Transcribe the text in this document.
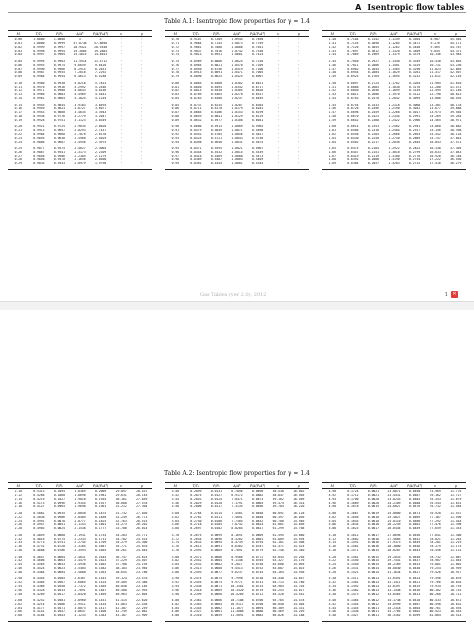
A Isentropic flow tables
Table A.1: Isentropic flow properties for γ = 1.4
M	T/T₀	P/P₀	A/A*	P/A(P₀A*)	ν	μ
0.00	1.0000	1.0000	∞	∞	·	·
0.01	1.0000	0.9999	57.8738	57.8698	·	·
0.02	0.9999	0.9997	28.9421	28.9340	·	·
0.03	0.9998	0.9994	19.3005	19.2884	·	·
0.04	0.9997	0.9989	14.4815	14.4653	·	·
0.05	0.9995	0.9983	11.5914	11.5712	·	·
0.06	0.9993	0.9975	9.6659	9.6416	·	·
0.07	0.9990	0.9966	8.2915	8.2631	·	·
0.08	0.9987	0.9955	7.2616	7.2292	·	·
0.09	0.9984	0.9944	6.4613	6.4248	·	·
0.10	0.9980	0.9930	5.8218	5.7813	·	·
0.11	0.9976	0.9916	5.2992	5.2546	·	·
0.12	0.9971	0.9900	4.8643	4.8156	·	·
0.13	0.9966	0.9883	4.4969	4.4441	·	·
0.14	0.9961	0.9864	4.1824	4.1255	·	·
0.15	0.9955	0.9844	3.9103	3.8494	·	·
0.16	0.9949	0.9823	3.6727	3.6077	·	·
0.17	0.9943	0.9800	3.4635	3.3943	·	·
0.18	0.9936	0.9776	3.2779	3.2047	·	·
0.19	0.9928	0.9751	3.1123	3.0349	·	·
0.20	0.9921	0.9725	2.9635	2.8820	·	·
0.21	0.9913	0.9697	2.8293	2.7437	·	·
0.22	0.9904	0.9668	2.7076	2.6178	·	·
0.23	0.9895	0.9638	2.5968	2.5029	·	·
0.24	0.9886	0.9607	2.4956	2.3975	·	·
0.25	0.9877	0.9575	2.4027	2.3005	·	·
0.26	0.9867	0.9541	2.3173	2.2109	·	·
0.27	0.9856	0.9506	2.2385	2.1279	·	·
0.28	0.9846	0.9470	2.1656	2.0508	·	·
0.29	0.9835	0.9433	2.0979	1.9790	·	·
M	T/T₀	P/P₀	A/A*	P/A(P₀A*)	ν	μ
0.70	0.9107	0.7209	1.0944	0.7890	·	·
0.71	0.9084	0.7145	1.0873	0.7769	·	·
0.72	0.9061	0.7080	1.0806	0.7651	·	·
0.73	0.9037	0.7016	1.0742	0.7536	·	·
0.74	0.9013	0.6951	1.0681	0.7424	·	·
0.75	0.8989	0.6886	1.0624	0.7316	·	·
0.76	0.8964	0.6821	1.0570	0.7209	·	·
0.77	0.8940	0.6756	1.0519	0.7106	·	·
0.78	0.8915	0.6691	1.0471	0.7005	·	·
0.79	0.8890	0.6625	1.0425	0.6907	·	·
0.80	0.8865	0.6560	1.0382	0.6811	·	·
0.81	0.8840	0.6495	1.0342	0.6717	·	·
0.82	0.8815	0.6430	1.0305	0.6626	·	·
0.83	0.8789	0.6365	1.0270	0.6537	·	·
0.84	0.8763	0.6300	1.0237	0.6449	·	·
0.85	0.8737	0.6235	1.0207	0.6364	·	·
0.86	0.8711	0.6170	1.0179	0.6281	·	·
0.87	0.8685	0.6106	1.0153	0.6199	·	·
0.88	0.8659	0.6041	1.0129	0.6119	·	·
0.89	0.8632	0.5977	1.0108	0.6041	·	·
0.90	0.8606	0.5913	1.0089	0.5965	·	·
0.91	0.8579	0.5849	1.0071	0.5890	·	·
0.92	0.8552	0.5785	1.0056	0.5817	·	·
0.93	0.8525	0.5721	1.0043	0.5746	·	·
0.94	0.8498	0.5658	1.0031	0.5675	·	·
0.95	0.8471	0.5595	1.0021	0.5607	·	·
0.96	0.8444	0.5532	1.0014	0.5539	·	·
0.97	0.8416	0.5469	1.0008	0.5473	·	·
0.98	0.8389	0.5407	1.0003	0.5409	·	·
0.99	0.8361	0.5345	1.0001	0.5345	·	·
M	T/T₀	P/P₀	A/A*	P/A(P₀A*)	ν	μ
1.40	0.7184	0.3142	1.1149	0.3504	8.987	45.585
1.41	0.7155	0.3098	1.1205	0.3472	9.276	45.171
1.42	0.7126	0.3055	1.1262	0.3440	9.565	44.767
1.43	0.7097	0.3012	1.1320	0.3409	9.855	44.371
1.44	0.7069	0.2969	1.1379	0.3379	10.146	43.983
1.45	0.7040	0.2927	1.1440	0.3349	10.438	43.603
1.46	0.7011	0.2886	1.1501	0.3319	10.731	43.230
1.47	0.6982	0.2845	1.1565	0.3290	11.023	42.865
1.48	0.6954	0.2804	1.1629	0.3261	11.317	42.507
1.49	0.6925	0.2764	1.1695	0.3232	11.611	42.155
1.50	0.6897	0.2724	1.1762	0.3204	11.905	41.810
1.51	0.6868	0.2685	1.1830	0.3176	12.200	41.472
1.52	0.6840	0.2646	1.1899	0.3149	12.495	41.140
1.53	0.6811	0.2608	1.1970	0.3122	12.790	40.813
1.54	0.6783	0.2570	1.2042	0.3095	13.086	40.493
1.55	0.6754	0.2533	1.2116	0.3068	13.381	40.178
1.56	0.6726	0.2496	1.2190	0.3042	13.677	39.868
1.57	0.6698	0.2459	1.2266	0.3017	13.973	39.564
1.58	0.6670	0.2423	1.2344	0.2991	14.269	39.265
1.59	0.6642	0.2388	1.2422	0.2966	14.565	38.971
1.60	0.6614	0.2353	1.2502	0.2941	14.860	38.682
1.61	0.6586	0.2318	1.2584	0.2917	15.156	38.398
1.62	0.6558	0.2284	1.2666	0.2893	15.452	38.118
1.63	0.6530	0.2250	1.2750	0.2869	15.747	37.843
1.64	0.6502	0.2217	1.2836	0.2845	16.043	37.572
1.65	0.6475	0.2184	1.2922	0.2822	16.338	37.305
1.66	0.6447	0.2151	1.3010	0.2799	16.633	37.043
1.67	0.6419	0.2119	1.3100	0.2776	16.928	36.784
1.68	0.6392	0.2088	1.3190	0.2754	17.222	36.530
1.69	0.6364	0.2057	1.3283	0.2732	17.516	36.279
Gas Tables (ver 2.0), 2012	1 ✕
Table A.2: Isentropic flow properties for γ = 1.4
M	T/T₀	P/P₀	A/A*	P/A(P₀A*)	ν	μ
2.10	0.5313	0.1094	1.8369	0.2009	29.097	28.437
2.12	0.5266	0.1060	1.8690	0.1981	29.631	28.145
2.14	0.5219	0.1027	1.9018	0.1954	30.161	27.859
2.16	0.5173	0.0996	1.9354	0.1927	30.688	27.578
2.18	0.5127	0.0965	1.9698	0.1901	31.212	27.304
2.20	0.5081	0.0935	2.0050	0.1875	31.732	27.036
2.22	0.5036	0.0906	2.0409	0.1850	32.249	26.773
2.24	0.4991	0.0878	2.0777	0.1825	32.763	26.515
2.26	0.4947	0.0851	2.1153	0.1801	33.273	26.262
2.28	0.4903	0.0825	2.1538	0.1777	33.780	26.014
2.30	0.4859	0.0800	2.1931	0.1754	34.283	25.771
2.32	0.4816	0.0775	2.2333	0.1731	34.782	25.533
2.34	0.4773	0.0751	2.2744	0.1709	35.279	25.300
2.36	0.4731	0.0728	2.3164	0.1687	35.771	25.070
2.38	0.4688	0.0706	2.3593	0.1665	36.261	24.845
2.40	0.4647	0.0684	2.4031	0.1644	36.747	24.624
2.42	0.4606	0.0663	2.4479	0.1623	37.229	24.407
2.44	0.4565	0.0643	2.4936	0.1602	37.708	24.195
2.46	0.4524	0.0623	2.5403	0.1582	38.183	23.985
2.48	0.4484	0.0604	2.5880	0.1563	38.655	23.780
2.50	0.4444	0.0585	2.6367	0.1543	39.124	23.578
2.52	0.4405	0.0567	2.6865	0.1524	39.589	23.380
2.54	0.4366	0.0550	2.7372	0.1505	40.050	23.185
2.56	0.4328	0.0533	2.7891	0.1487	40.508	22.993
2.58	0.4289	0.0517	2.8420	0.1469	40.963	22.805
2.60	0.4252	0.0501	2.8960	0.1451	41.415	22.620
2.62	0.4214	0.0486	2.9511	0.1434	41.863	22.438
2.64	0.4177	0.0471	3.0073	0.1417	42.307	22.259
2.66	0.4141	0.0457	3.0647	0.1400	42.749	22.082
2.68	0.4104	0.0443	3.1233	0.1383	43.187	21.909
M	T/T₀	P/P₀	A/A*	P/A(P₀A*)	ν	μ
3.50	0.2899	0.0131	6.7896	0.0890	58.530	16.602
3.52	0.2875	0.0127	6.9172	0.0882	58.847	16.505
3.54	0.2852	0.0124	7.0471	0.0873	59.162	16.409
3.56	0.2829	0.0120	7.1791	0.0865	59.474	16.314
3.58	0.2806	0.0117	7.3135	0.0856	59.784	16.220
3.60	0.2784	0.0114	7.4501	0.0848	60.091	16.128
3.62	0.2762	0.0111	7.5891	0.0840	60.397	16.036
3.64	0.2740	0.0108	7.7305	0.0832	60.700	15.946
3.66	0.2718	0.0105	7.8742	0.0824	61.001	15.856
3.68	0.2697	0.0102	8.0204	0.0817	61.299	15.768
3.70	0.2675	0.0099	8.1691	0.0809	61.595	15.680
3.72	0.2654	0.0096	8.3202	0.0801	61.889	15.594
3.74	0.2633	0.0094	8.4739	0.0794	62.181	15.508
3.76	0.2613	0.0091	8.6302	0.0787	62.471	15.424
3.78	0.2592	0.0089	8.7891	0.0779	62.758	15.340
3.80	0.2572	0.0086	8.9506	0.0772	63.044	15.258
3.82	0.2552	0.0084	9.1148	0.0765	63.327	15.176
3.84	0.2532	0.0082	9.2817	0.0758	63.608	15.095
3.86	0.2513	0.0080	9.4513	0.0752	63.887	15.015
3.88	0.2493	0.0077	9.6237	0.0745	64.164	14.936
3.90	0.2474	0.0075	9.7990	0.0738	64.440	14.857
3.92	0.2455	0.0073	9.9771	0.0731	64.713	14.780
3.94	0.2436	0.0071	10.1581	0.0725	64.984	14.703
3.96	0.2418	0.0069	10.3420	0.0719	65.253	14.627
3.98	0.2399	0.0068	10.5289	0.0712	65.520	14.552
4.00	0.2381	0.0066	10.7188	0.0706	65.785	14.478
4.02	0.2363	0.0064	10.9117	0.0700	66.048	14.404
4.04	0.2345	0.0062	11.1077	0.0694	66.309	14.331
4.06	0.2327	0.0061	11.3068	0.0688	66.569	14.259
4.08	0.2310	0.0059	11.5091	0.0682	66.826	14.188
M	T/T₀	P/P₀	A/A*	P/A(P₀A*)	ν	μ
4.90	0.1724	0.0021	23.0671	0.0490	75.969	11.776
4.92	0.1712	0.0021	23.4431	0.0487	76.162	11.727
4.94	0.1700	0.0020	23.8243	0.0483	76.353	11.679
4.96	0.1689	0.0020	24.2109	0.0480	76.544	11.631
4.98	0.1678	0.0019	24.6027	0.0476	76.732	11.584
5.00	0.1667	0.0019	25.0000	0.0473	76.920	11.537
5.02	0.1656	0.0018	25.4027	0.0469	77.107	11.490
5.04	0.1645	0.0018	25.8110	0.0466	77.292	11.444
5.06	0.1634	0.0018	26.2249	0.0462	77.476	11.398
5.08	0.1623	0.0017	26.6444	0.0459	77.659	11.353
5.10	0.1612	0.0017	27.0696	0.0456	77.841	11.308
5.12	0.1602	0.0016	27.5005	0.0452	78.021	11.263
5.14	0.1591	0.0016	27.9373	0.0449	78.201	11.219
5.16	0.1581	0.0016	28.3800	0.0446	78.379	11.175
5.18	0.1571	0.0015	28.8287	0.0443	78.556	11.131
5.20	0.1561	0.0015	29.2833	0.0440	78.732	11.087
5.22	0.1550	0.0015	29.7441	0.0437	78.907	11.044
5.24	0.1540	0.0014	30.2109	0.0433	79.081	11.002
5.26	0.1531	0.0014	30.6840	0.0430	79.254	10.959
5.28	0.1521	0.0014	31.1634	0.0427	79.426	10.917
5.30	0.1511	0.0013	31.6491	0.0424	79.596	10.876
5.32	0.1501	0.0013	32.1411	0.0421	79.766	10.834
5.34	0.1492	0.0013	32.6397	0.0419	79.934	10.793
5.36	0.1482	0.0013	33.1448	0.0416	80.102	10.753
5.38	0.1473	0.0012	33.6565	0.0413	80.268	10.712
5.40	0.1464	0.0012	34.1748	0.0410	80.433	10.672
5.42	0.1454	0.0012	34.6999	0.0407	80.598	10.632
5.44	0.1445	0.0011	35.2318	0.0404	80.761	10.593
5.46	0.1436	0.0011	35.7705	0.0402	80.923	10.553
5.48	0.1427	0.0011	36.3162	0.0399	81.084	10.514
